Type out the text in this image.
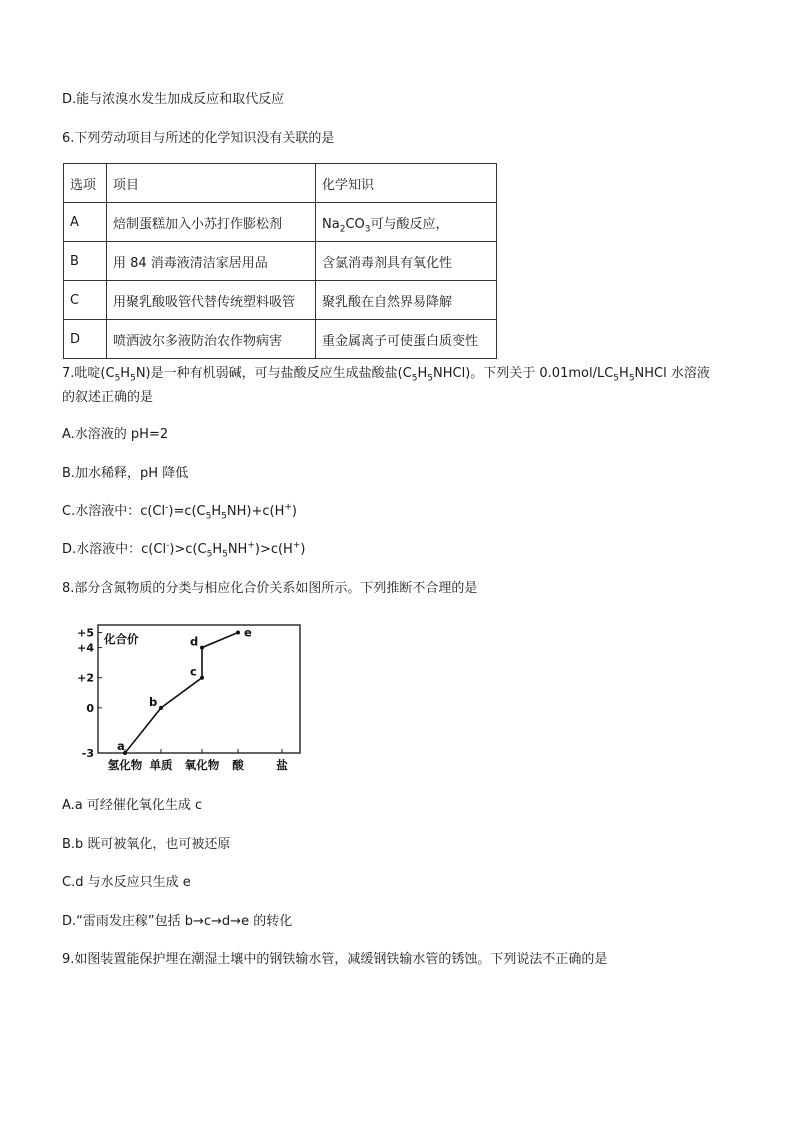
D.能与浓溴水发生加成反应和取代反应
6.下列劳动项目与所述的化学知识没有关联的是
选项	项目	化学知识
A	焙制蛋糕加入小苏打作膨松剂	$Na_2CO_3$可与酸反应，
B	用 84 消毒液清洁家居用品	含氯消毒剂具有氧化性
C	用聚乳酸吸管代替传统塑料吸管	聚乳酸在自然界易降解
D	喷洒波尔多液防治农作物病害	重金属离子可使蛋白质变性
7.吡啶$(C_5H_5N)$是一种有机弱碱，可与盐酸反应生成盐酸盐$(C_5H_5NHCl)$。下列关于 $0.01mol/LC_5H_5NHCl$ 水溶液
的叙述正确的是
A.水溶液的 pH=2
B.加水稀释，pH 降低
C.水溶液中：$c(Cl^-)=c(C_5H_5NH)+c(H^+)$
D.水溶液中：$c(Cl^-)>c(C_5H_5NH^+)>c(H^+)$
8.部分含氮物质的分类与相应化合价关系如图所示。下列推断不合理的是
+5
+4
+2
0
-3
氢化物 单质 氧化物 酸	盐
化合价
a
b
c
d
e
A.a 可经催化氧化生成 c
B.b 既可被氧化，也可被还原
C.d 与水反应只生成 e
D.“雷雨发庄稼”包括 b→c→d→e 的转化
9.如图装置能保护埋在潮湿土壤中的钢铁输水管，减缓钢铁输水管的锈蚀。下列说法不正确的是
